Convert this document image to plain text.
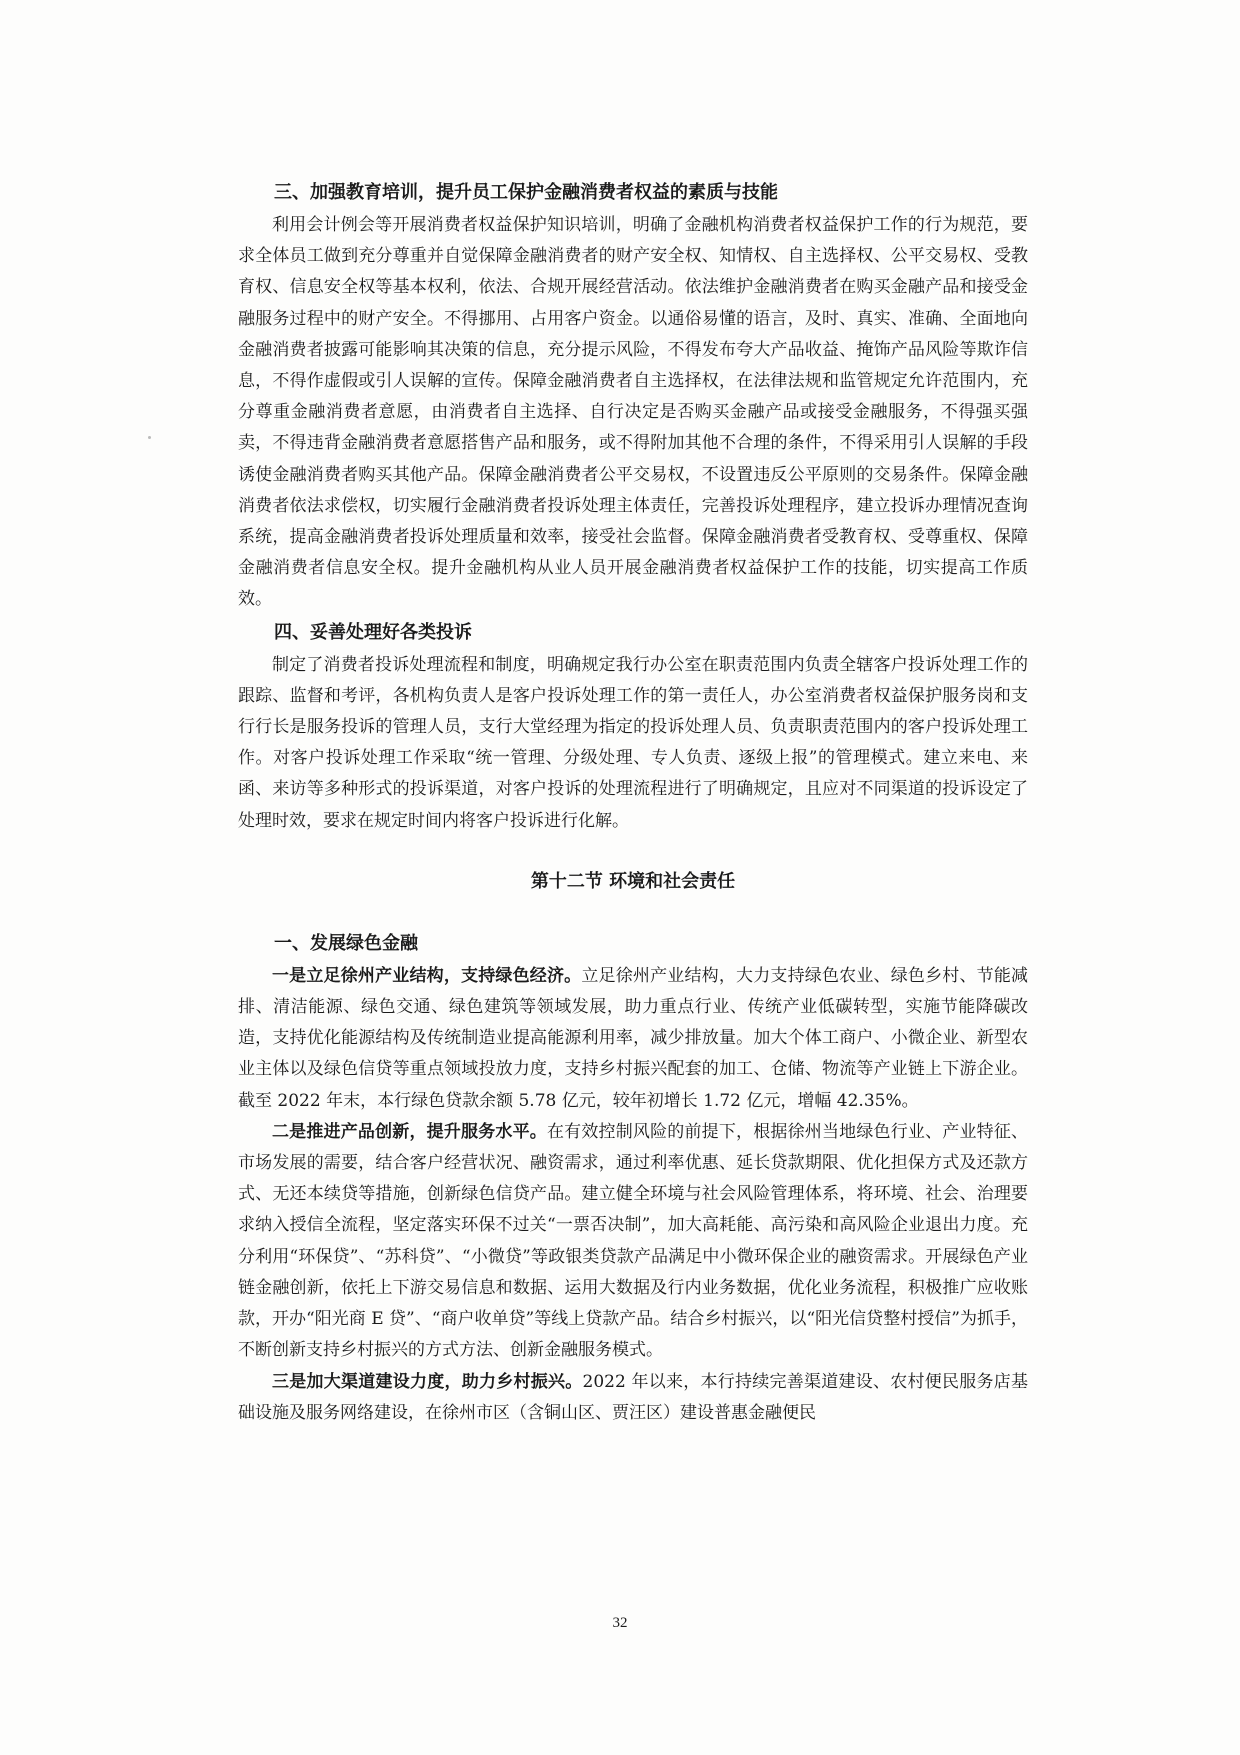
三、加强教育培训，提升员工保护金融消费者权益的素质与技能

利用会计例会等开展消费者权益保护知识培训，明确了金融机构消费者权益保护工作的行为规范，要求全体员工做到充分尊重并自觉保障金融消费者的财产安全权、知情权、自主选择权、公平交易权、受教育权、信息安全权等基本权利，依法、合规开展经营活动。依法维护金融消费者在购买金融产品和接受金融服务过程中的财产安全。不得挪用、占用客户资金。以通俗易懂的语言，及时、真实、准确、全面地向金融消费者披露可能影响其决策的信息，充分提示风险，不得发布夸大产品收益、掩饰产品风险等欺诈信息，不得作虚假或引人误解的宣传。保障金融消费者自主选择权，在法律法规和监管规定允许范围内，充分尊重金融消费者意愿，由消费者自主选择、自行决定是否购买金融产品或接受金融服务，不得强买强卖，不得违背金融消费者意愿搭售产品和服务，或不得附加其他不合理的条件，不得采用引人误解的手段诱使金融消费者购买其他产品。保障金融消费者公平交易权，不设置违反公平原则的交易条件。保障金融消费者依法求偿权，切实履行金融消费者投诉处理主体责任，完善投诉处理程序，建立投诉办理情况查询系统，提高金融消费者投诉处理质量和效率，接受社会监督。保障金融消费者受教育权、受尊重权、保障金融消费者信息安全权。提升金融机构从业人员开展金融消费者权益保护工作的技能，切实提高工作质效。

四、妥善处理好各类投诉

制定了消费者投诉处理流程和制度，明确规定我行办公室在职责范围内负责全辖客户投诉处理工作的跟踪、监督和考评，各机构负责人是客户投诉处理工作的第一责任人，办公室消费者权益保护服务岗和支行行长是服务投诉的管理人员，支行大堂经理为指定的投诉处理人员、负责职责范围内的客户投诉处理工作。对客户投诉处理工作采取“统一管理、分级处理、专人负责、逐级上报”的管理模式。建立来电、来函、来访等多种形式的投诉渠道，对客户投诉的处理流程进行了明确规定，且应对不同渠道的投诉设定了处理时效，要求在规定时间内将客户投诉进行化解。

第十二节 环境和社会责任

一、发展绿色金融

一是立足徐州产业结构，支持绿色经济。立足徐州产业结构，大力支持绿色农业、绿色乡村、节能减排、清洁能源、绿色交通、绿色建筑等领域发展，助力重点行业、传统产业低碳转型，实施节能降碳改造，支持优化能源结构及传统制造业提高能源利用率，减少排放量。加大个体工商户、小微企业、新型农业主体以及绿色信贷等重点领域投放力度，支持乡村振兴配套的加工、仓储、物流等产业链上下游企业。截至 2022 年末，本行绿色贷款余额 5.78 亿元，较年初增长 1.72 亿元，增幅 42.35%。

二是推进产品创新，提升服务水平。在有效控制风险的前提下，根据徐州当地绿色行业、产业特征、市场发展的需要，结合客户经营状况、融资需求，通过利率优惠、延长贷款期限、优化担保方式及还款方式、无还本续贷等措施，创新绿色信贷产品。建立健全环境与社会风险管理体系，将环境、社会、治理要求纳入授信全流程，坚定落实环保不过关“一票否决制”，加大高耗能、高污染和高风险企业退出力度。充分利用“环保贷”、“苏科贷”、“小微贷”等政银类贷款产品满足中小微环保企业的融资需求。开展绿色产业链金融创新，依托上下游交易信息和数据、运用大数据及行内业务数据，优化业务流程，积极推广应收账款，开办“阳光商 E 贷”、“商户收单贷”等线上贷款产品。结合乡村振兴，以“阳光信贷整村授信”为抓手，不断创新支持乡村振兴的方式方法、创新金融服务模式。

三是加大渠道建设力度，助力乡村振兴。2022 年以来，本行持续完善渠道建设、农村便民服务店基础设施及服务网络建设，在徐州市区（含铜山区、贾汪区）建设普惠金融便民

32
